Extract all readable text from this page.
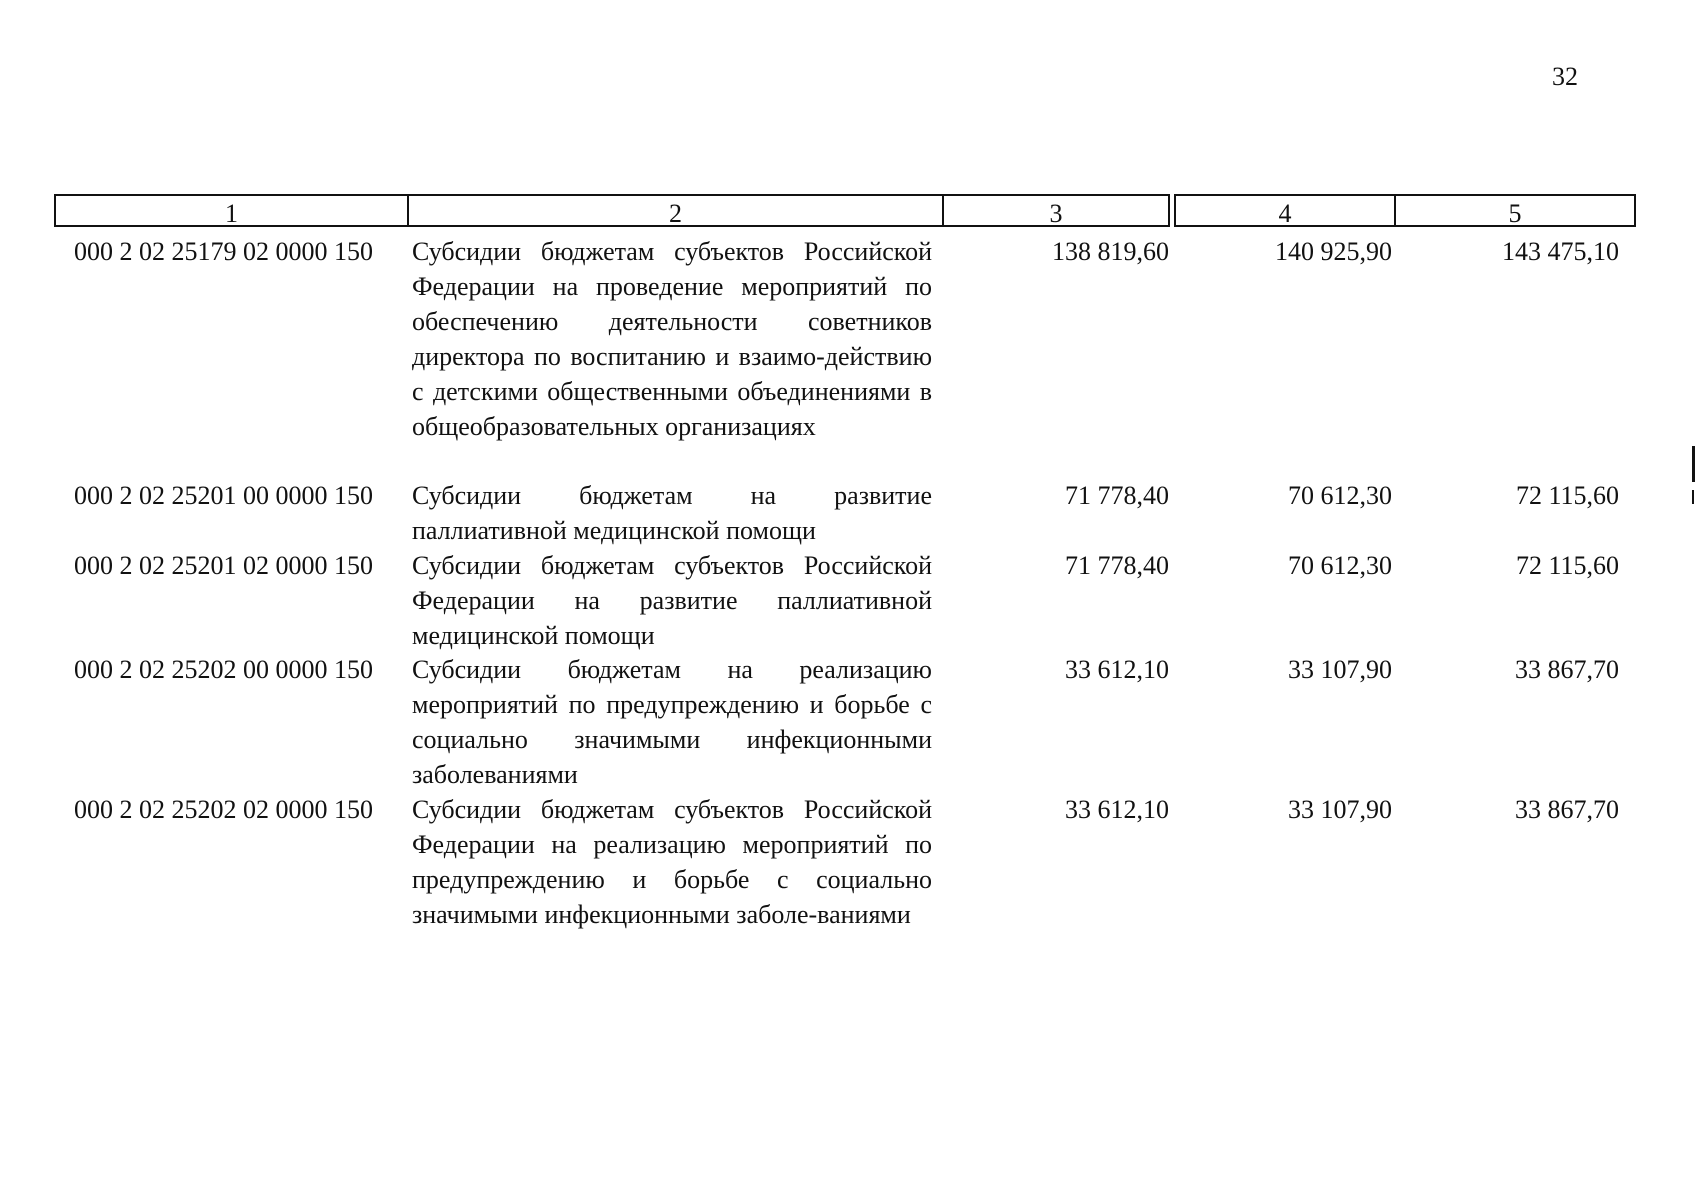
32
1	2	3	4	5
000 2 02 25179 02 0000 150 Субсидии бюджетам субъектов Российской Федерации на проведение мероприятий по обеспечению деятельности советников директора по воспитанию и взаимо-действию с детскими общественными объединениями в общеобразовательных организациях
138 819,60	140 925,90	143 475,10
000 2 02 25201 00 0000 150 Субсидии бюджетам на развитие паллиативной медицинской помощи
71 778,40	70 612,30	72 115,60
000 2 02 25201 02 0000 150 Субсидии бюджетам субъектов Российской Федерации на развитие паллиативной медицинской помощи
71 778,40	70 612,30	72 115,60
000 2 02 25202 00 0000 150 Субсидии бюджетам на реализацию мероприятий по предупреждению и борьбе с социально значимыми инфекционными заболеваниями
33 612,10	33 107,90	33 867,70
000 2 02 25202 02 0000 150 Субсидии бюджетам субъектов Российской Федерации на реализацию мероприятий по предупреждению и борьбе с социально значимыми инфекционными заболе-ваниями
33 612,10	33 107,90	33 867,70
